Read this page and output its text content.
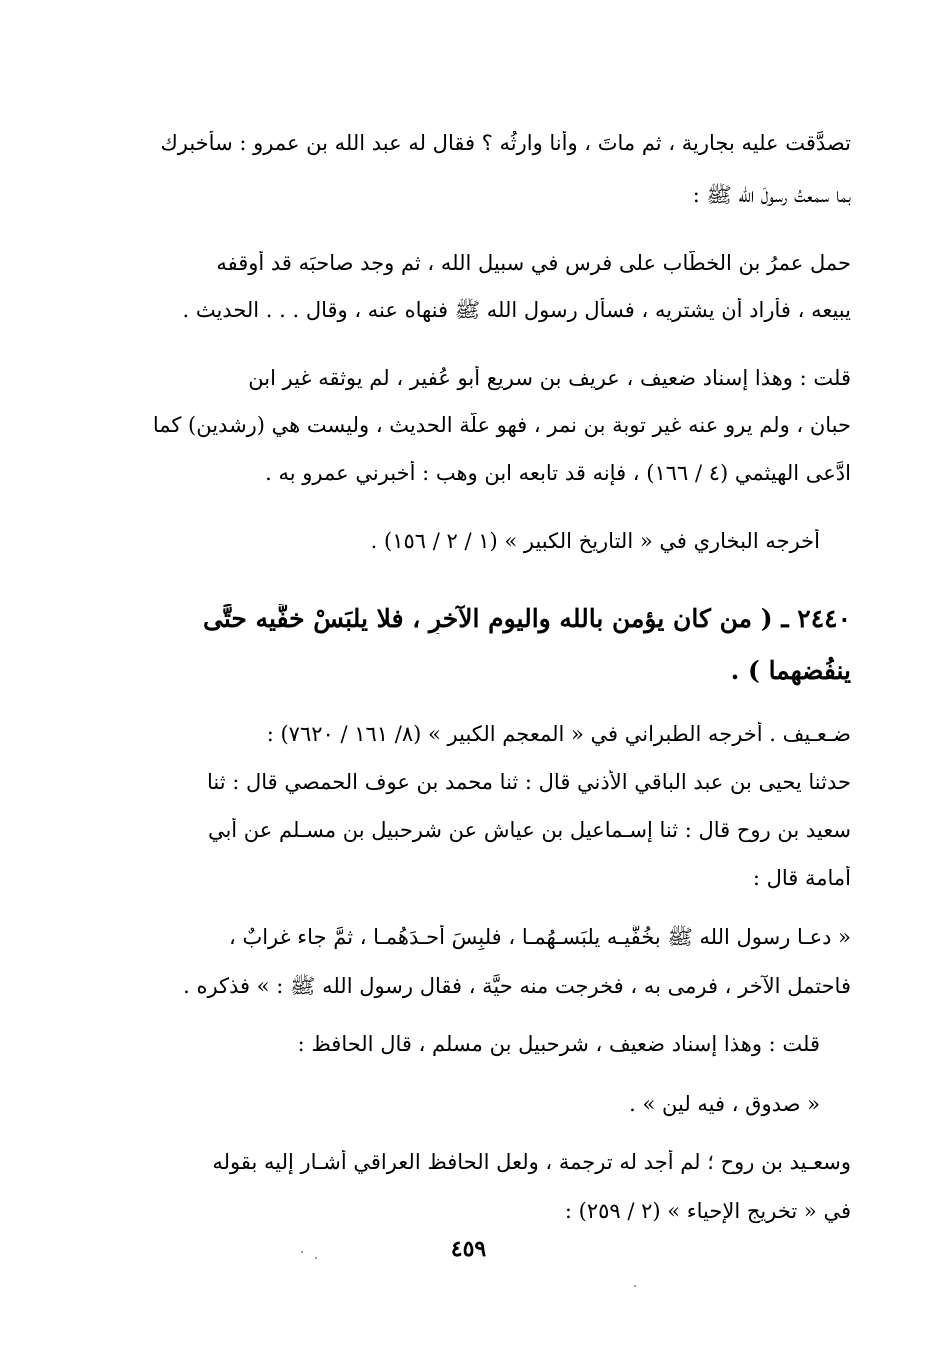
تصدَّقت عليه بجارية ، ثم ماتَ ، وأنا وارثُه ؟ فقال له عبد الله بن عمرو : سأُخبرك
بما سمعتُ رسولَ الله ﷺ :
حمل عمرُ بن الخطَّاب على فرسٍ في سبيل الله ، ثم وجد صاحبَه قد أوقفه
يبيعه ، فأراد أن يشتريه ، فسأل رسول الله ﷺ فنهاه عنه ، وقال . . . الحديث .
قلت : وهذا إسناد ضعيف ، عريف بن سريع أبو عُفير ، لم يوثقه غير ابن
حبان ، ولم يرو عنه غير توبة بن نمر ، فهو علّة الحديث ، وليست هي (رشدين) كما
ادَّعى الهيثمي (٤ / ١٦٦) ، فإنه قد تابعه ابن وهب : أخبرني عمرو به .
أخرجه البخاري في « التاريخ الكبير » (١ / ٢ / ١٥٦) .
٢٤٤٠ ـ ( من كان يؤمن بالله واليومِ الآخرِ ، فلا يلبَسْ خفَّيه حتَّى
ينفُضهما ) .
ضـعـيف . أخرجه الطبراني في « المعجم الكبير » (٨/ ١٦١ / ٧٦٢٠) :
حدثنا يحيى بن عبد الباقي الأذني قال : ثنا محمد بن عوف الحمصي قال : ثنا
سعيد بن روح قال : ثنا إسـماعيل بن عياش عن شرحبيل بن مسـلم عن أبي
أُمامة قال :
« دعـا رسول الله ﷺ بخُفَّيـه يلبَسـهُمـا ، فلبِسَ أحـدَهُمـا ، ثمَّ جاء غرابٌ ،
فاحتمل الآخر ، فرمى به ، فخرجت منه حيَّة ، فقال رسول الله ﷺ : » فذكره .
قلت : وهذا إسناد ضعيف ، شرحبيل بن مسلم ، قال الحافظ :
« صدوق ، فيه لين » .
وسعـيد بن روح ؛ لم أجد له ترجمة ، ولعل الحافظ العراقي أشـار إليه بقوله
في « تخريج الإحياء » (٢ / ٢٥٩) :
٤٥٩
